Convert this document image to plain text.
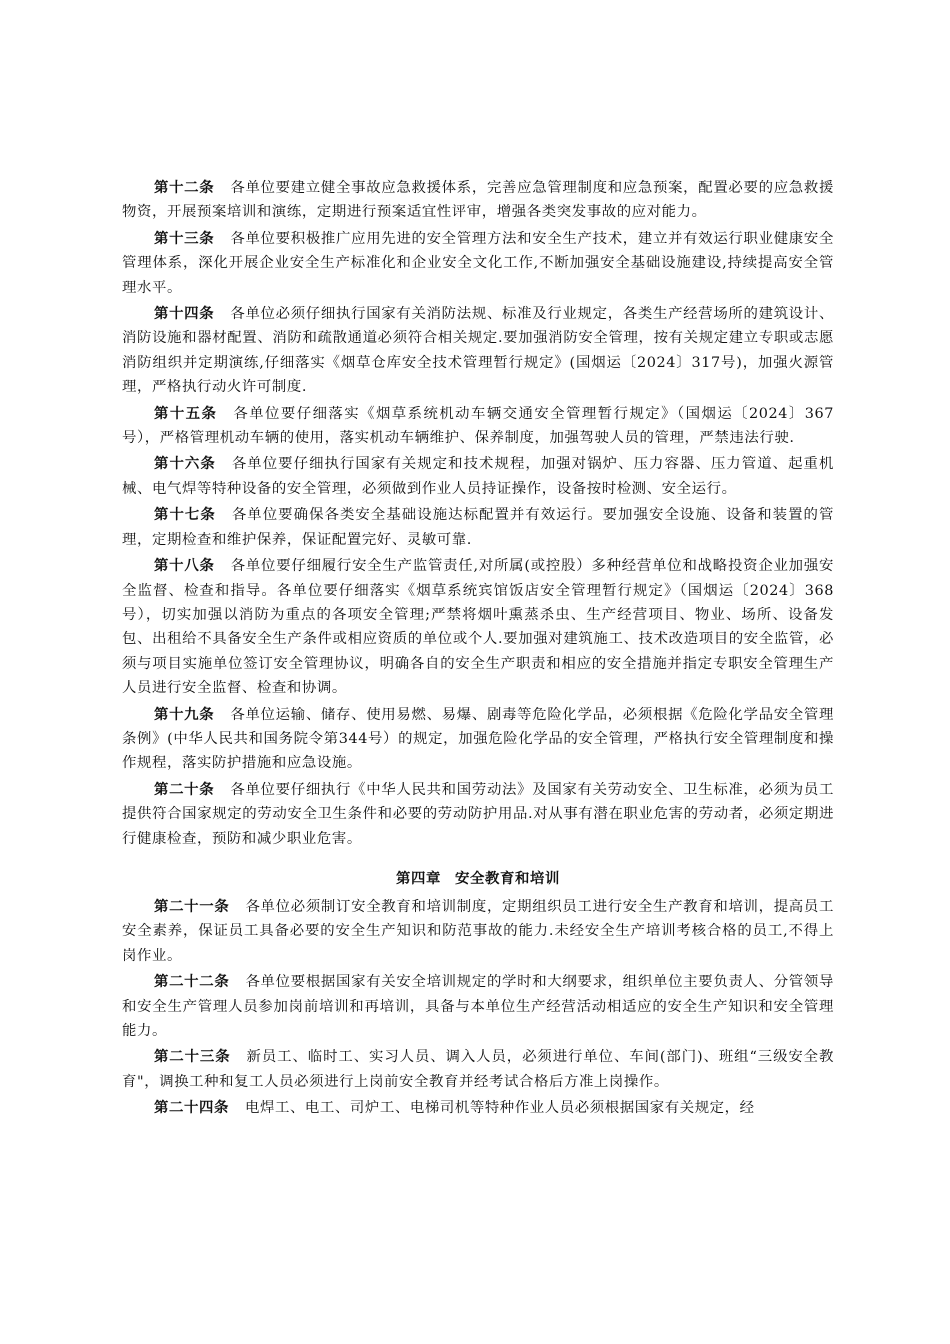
第十二条 各单位要建立健全事故应急救援体系，完善应急管理制度和应急预案，配置必要的应急救援物资，开展预案培训和演练，定期进行预案适宜性评审，增强各类突发事故的应对能力。

第十三条 各单位要积极推广应用先进的安全管理方法和安全生产技术，建立并有效运行职业健康安全管理体系，深化开展企业安全生产标准化和企业安全文化工作,不断加强安全基础设施建设,持续提高安全管理水平。

第十四条 各单位必须仔细执行国家有关消防法规、标准及行业规定，各类生产经营场所的建筑设计、消防设施和器材配置、消防和疏散通道必须符合相关规定.要加强消防安全管理，按有关规定建立专职或志愿消防组织并定期演练,仔细落实《烟草仓库安全技术管理暂行规定》(国烟运〔2024〕317号)，加强火源管理，严格执行动火许可制度.

第十五条 各单位要仔细落实《烟草系统机动车辆交通安全管理暂行规定》（国烟运〔2024〕367号），严格管理机动车辆的使用，落实机动车辆维护、保养制度，加强驾驶人员的管理，严禁违法行驶.

第十六条 各单位要仔细执行国家有关规定和技术规程，加强对锅炉、压力容器、压力管道、起重机械、电气焊等特种设备的安全管理，必须做到作业人员持证操作，设备按时检测、安全运行。

第十七条 各单位要确保各类安全基础设施达标配置并有效运行。要加强安全设施、设备和装置的管理，定期检查和维护保养，保证配置完好、灵敏可靠.

第十八条 各单位要仔细履行安全生产监管责任,对所属(或控股）多种经营单位和战略投资企业加强安全监督、检查和指导。各单位要仔细落实《烟草系统宾馆饭店安全管理暂行规定》（国烟运〔2024〕368号），切实加强以消防为重点的各项安全管理;严禁将烟叶熏蒸杀虫、生产经营项目、物业、场所、设备发包、出租给不具备安全生产条件或相应资质的单位或个人.要加强对建筑施工、技术改造项目的安全监管，必须与项目实施单位签订安全管理协议，明确各自的安全生产职责和相应的安全措施并指定专职安全管理生产人员进行安全监督、检查和协调。

第十九条 各单位运输、储存、使用易燃、易爆、剧毒等危险化学品，必须根据《危险化学品安全管理条例》(中华人民共和国务院令第344号）的规定，加强危险化学品的安全管理，严格执行安全管理制度和操作规程，落实防护措施和应急设施。

第二十条 各单位要仔细执行《中华人民共和国劳动法》及国家有关劳动安全、卫生标准，必须为员工提供符合国家规定的劳动安全卫生条件和必要的劳动防护用品.对从事有潜在职业危害的劳动者，必须定期进行健康检查，预防和减少职业危害。

第四章 安全教育和培训

第二十一条 各单位必须制订安全教育和培训制度，定期组织员工进行安全生产教育和培训，提高员工安全素养，保证员工具备必要的安全生产知识和防范事故的能力.未经安全生产培训考核合格的员工,不得上岗作业。

第二十二条 各单位要根据国家有关安全培训规定的学时和大纲要求，组织单位主要负责人、分管领导和安全生产管理人员参加岗前培训和再培训，具备与本单位生产经营活动相适应的安全生产知识和安全管理能力。

第二十三条 新员工、临时工、实习人员、调入人员，必须进行单位、车间(部门)、班组“三级安全教育"，调换工种和复工人员必须进行上岗前安全教育并经考试合格后方准上岗操作。

第二十四条 电焊工、电工、司炉工、电梯司机等特种作业人员必须根据国家有关规定，经
